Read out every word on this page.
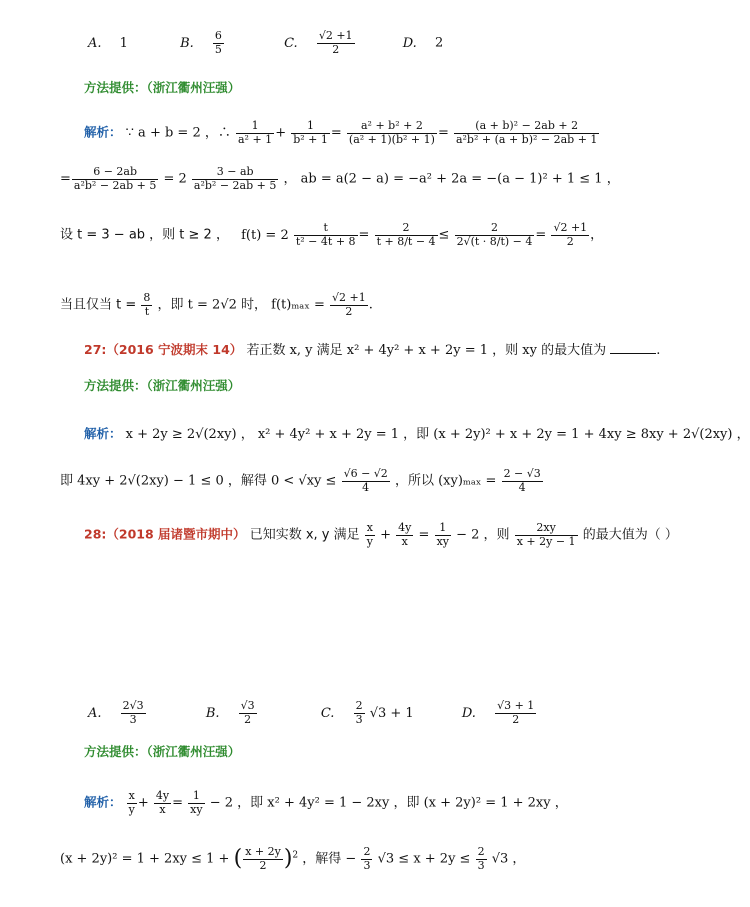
A. 1	B. $\frac{6}{5}$	C. $\frac{√2 +1}{2}$	D. 2
方法提供：（浙江衢州汪强）
解析： ∵ a + b = 2 ，∴ $\frac{1}{\text{a² + 1}} + \frac{1}{\text{b² + 1}} = \frac{\text{a² + b² + 2}}{\text{(a² + 1)(b² + 1)}} = \frac{\text{(a + b)² − 2ab + 2}}{\text{a²b² + (a + b)² − 2ab + 1}}$
= $\frac{6 - 2ab}{\text{a²b² − 2ab + 5}} = 2 \frac{3 - ab}{\text{a²b² − 2ab + 5}}$ ， ab = a(2 − a) = −a² + 2a = −(a − 1)² + 1 ≤ 1 ，
设 t = 3 − ab ，则 t ≥ 2 ， $f(t) = 2 \frac{t}{\text{t² − 4t + 8}} = \frac{2}{t + 8/t - 4} \le \frac{2}{2√(t \cdot 8/t) - 4} = \frac{√2 +1}{2}$ ，
当且仅当 $t = \frac{8}{t}$ ，即 t = 2√2 时， $f(t)_{max} = \frac{√2 +1}{2}$ .
27:（2016 宁波期末 14） 若正数 x, y 满足 x² + 4y² + x + 2y = 1 ，则 xy 的最大值为	.
方法提供：（浙江衢州汪强）
解析： x + 2y ≥ 2√(2xy) ， x² + 4y² + x + 2y = 1 ，即 (x + 2y)² + x + 2y = 1 + 4xy ≥ 8xy + 2√(2xy) ，
即 4xy + 2√(2xy) − 1 ≤ 0 ，解得 $0 < √xy \le \frac{√6 - √2}{4}$ ，所以 $(xy)_{max} = \frac{2 - √3}{4}$
28:（2018 届诸暨市期中） 已知实数 x, y 满足 $\frac{x}{y} + \frac{4y}{x} = \frac{1}{xy} - 2$ ，则 $\frac{2xy}{x + 2y - 1}$ 的最大值为（ ）
A. $\frac{2√3}{3}$	B. $\frac{√3}{2}$	C. $\frac{2}{3} √3 + 1$	D. $\frac{√3 + 1}{2}$
方法提供：（浙江衢州汪强）
解析： $\frac{x}{y} + \frac{4y}{x} = \frac{1}{xy} - 2$ ，即 x² + 4y² = 1 − 2xy ，即 (x + 2y)² = 1 + 2xy ，
(x + 2y)² = 1 + 2xy ≤ 1 + ( $\frac{x + 2y}{2} )^2$ ，解得 − $\frac{2}{3} √3 \le x + 2y \le \frac{2}{3} √3$ ，
